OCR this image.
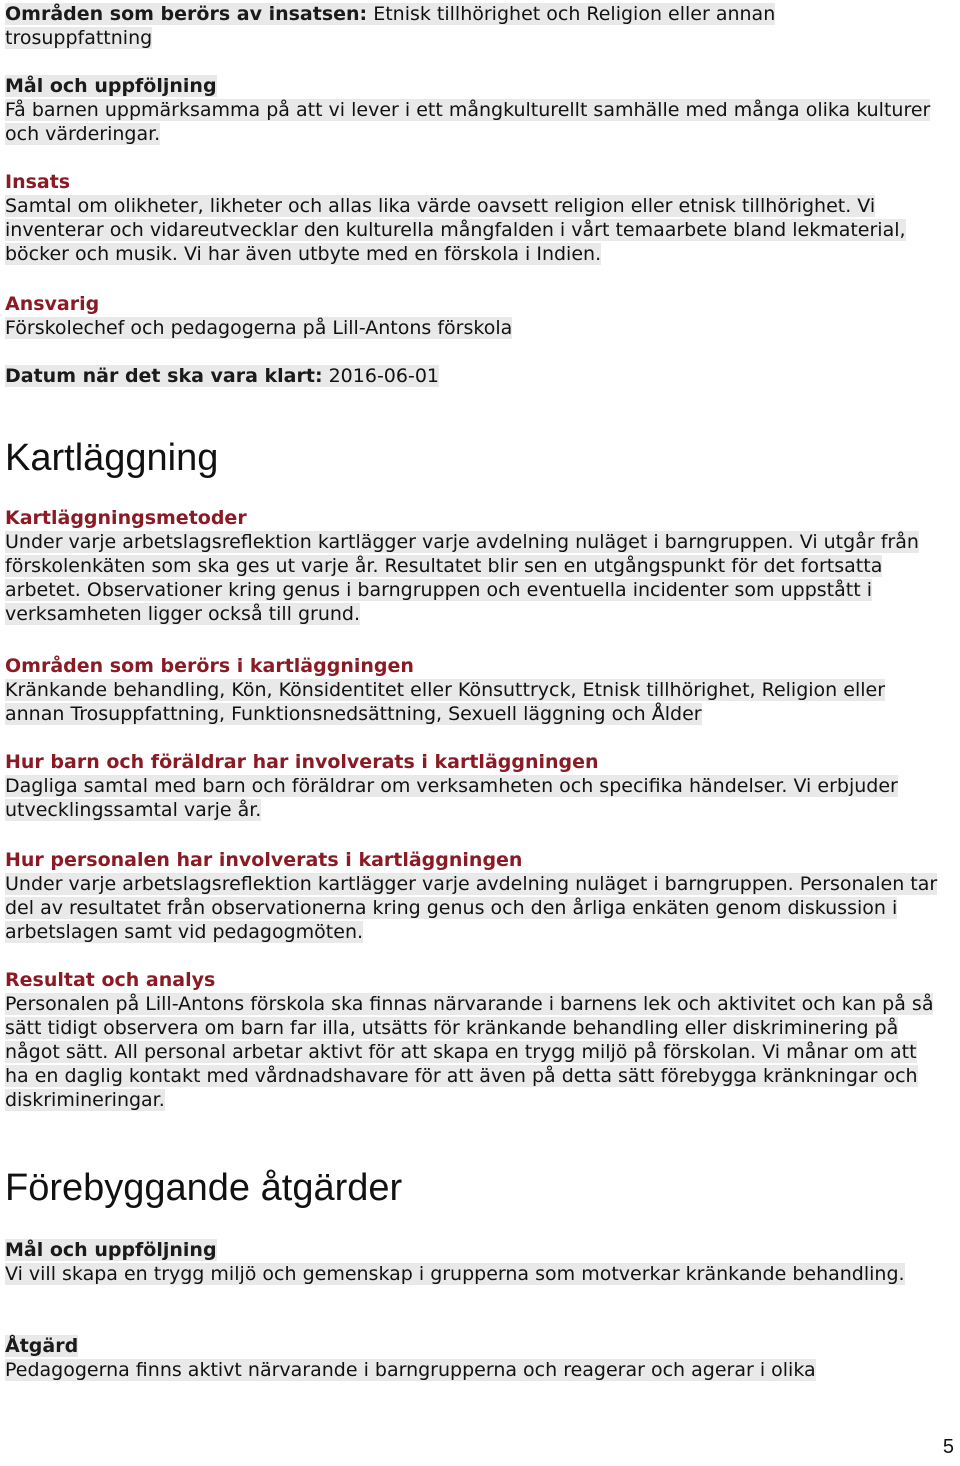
Områden som berörs av insatsen: Etnisk tillhörighet och Religion eller annan trosuppfattning
Mål och uppföljning
Få barnen uppmärksamma på att vi lever i ett mångkulturellt samhälle med många olika kulturer och värderingar.
Insats
Samtal om olikheter, likheter och allas lika värde oavsett religion eller etnisk tillhörighet. Vi inventerar och vidareutvecklar den kulturella mångfalden i vårt temaarbete bland lekmaterial, böcker och musik. Vi har även utbyte med en förskola i Indien.
Ansvarig
Förskolechef och pedagogerna på Lill-Antons förskola
Datum när det ska vara klart: 2016-06-01
Kartläggning
Kartläggningsmetoder
Under varje arbetslagsreflektion kartlägger varje avdelning nuläget i barngruppen. Vi utgår från förskolenkäten som ska ges ut varje år. Resultatet blir sen en utgångspunkt för det fortsatta arbetet. Observationer kring genus i barngruppen och eventuella incidenter som uppstått i verksamheten ligger också till grund.
Områden som berörs i kartläggningen
Kränkande behandling, Kön, Könsidentitet eller Könsuttryck, Etnisk tillhörighet, Religion eller annan Trosuppfattning, Funktionsnedsättning, Sexuell läggning och Ålder
Hur barn och föräldrar har involverats i kartläggningen
Dagliga samtal med barn och föräldrar om verksamheten och specifika händelser. Vi erbjuder utvecklingssamtal varje år.
Hur personalen har involverats i kartläggningen
Under varje arbetslagsreflektion kartlägger varje avdelning nuläget i barngruppen. Personalen tar del av resultatet från observationerna kring genus och den årliga enkäten genom diskussion i arbetslagen samt vid pedagogmöten.
Resultat och analys
Personalen på Lill-Antons förskola ska finnas närvarande i barnens lek och aktivitet och kan på så sätt tidigt observera om barn far illa, utsätts för kränkande behandling eller diskriminering på något sätt. All personal arbetar aktivt för att skapa en trygg miljö på förskolan. Vi månar om att ha en daglig kontakt med vårdnadshavare för att även på detta sätt förebygga kränkningar och diskrimineringar.
Förebyggande åtgärder
Mål och uppföljning
Vi vill skapa en trygg miljö och gemenskap i grupperna som motverkar kränkande behandling.
Åtgärd
Pedagogerna finns aktivt närvarande i barngrupperna och reagerar och agerar i olika
5
